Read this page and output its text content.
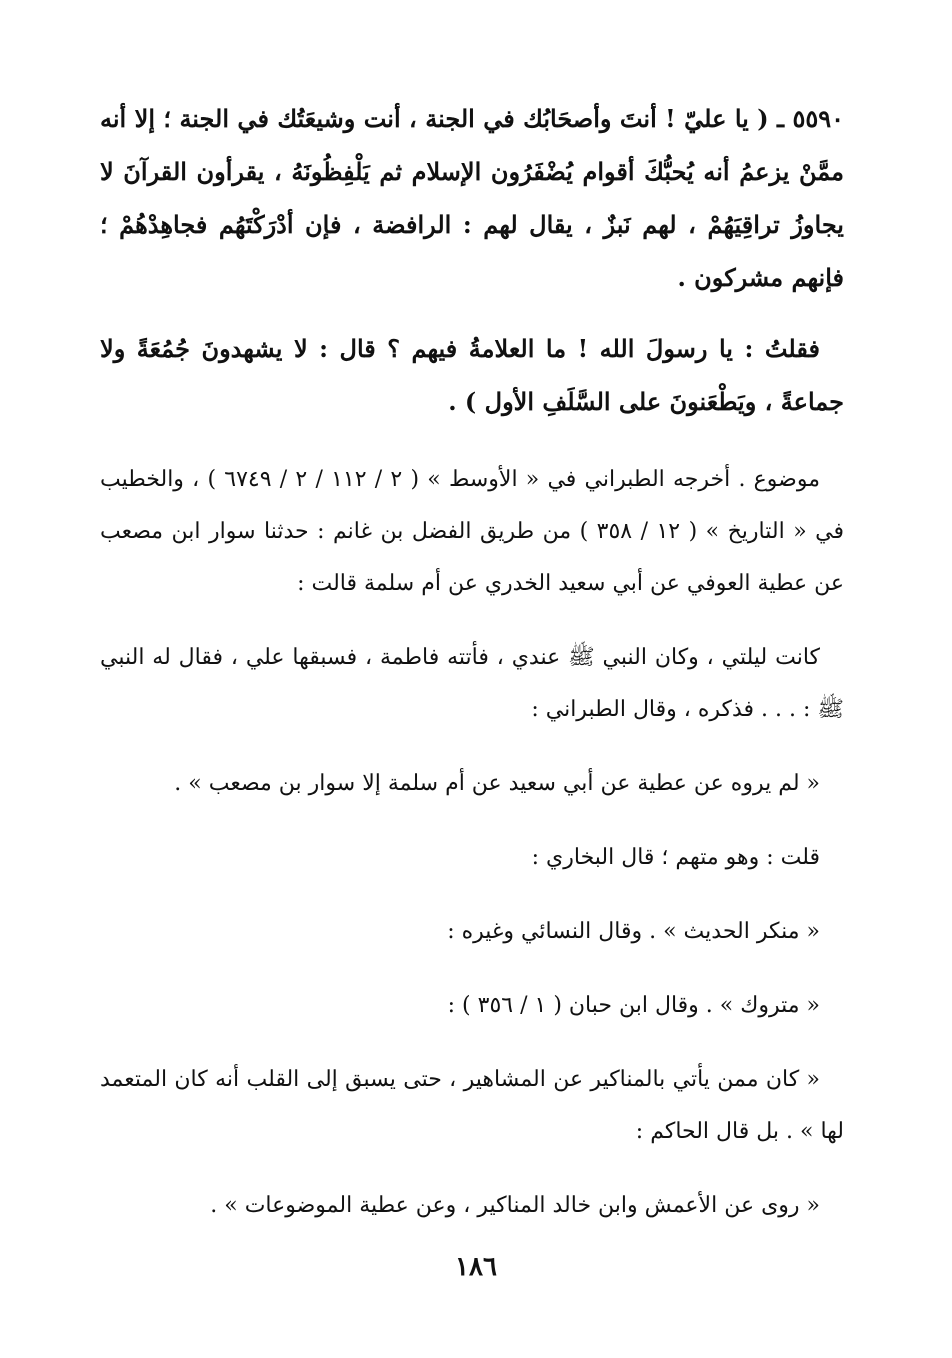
٥٥٩٠ ـ ( يا عليّ ! أنتَ وأصحَابُك في الجنة ، أنت وشيعَتُك في الجنة ؛ إلا أنه ممَّنْ يزعمُ أنه يُحبُّكَ أقوام يُضْفَرُون الإسلام ثم يَلْفِظُونَهُ ، يقرأون القرآنَ لا يجاوزُ تراقِيَهُمْ ، لهم نَبزٌ ، يقال لهم : الرافضة ، فإن أدْرَكْتَهُم فجاهِدْهُمْ ؛ فإنهم مشركون .

فقلتُ : يا رسولَ الله ! ما العلامةُ فيهم ؟ قال : لا يشهدونَ جُمُعَةً ولا جماعةً ، ويَطْعَنونَ على السَّلَفِ الأول ) .

موضوع . أخرجه الطبراني في « الأوسط » ( ٢ / ١١٢ / ٢ / ٦٧٤٩ ) ، والخطيب في « التاريخ » ( ١٢ / ٣٥٨ ) من طريق الفضل بن غانم : حدثنا سوار ابن مصعب عن عطية العوفي عن أبي سعيد الخدري عن أم سلمة قالت :

كانت ليلتي ، وكان النبي ﷺ عندي ، فأتته فاطمة ، فسبقها علي ، فقال له النبي ﷺ : . . . فذكره ، وقال الطبراني :

« لم يروه عن عطية عن أبي سعيد عن أم سلمة إلا سوار بن مصعب » .

قلت : وهو متهم ؛ قال البخاري :

« منكر الحديث » . وقال النسائي وغيره :

« متروك » . وقال ابن حبان ( ١ / ٣٥٦ ) :

« كان ممن يأتي بالمناكير عن المشاهير ، حتى يسبق إلى القلب أنه كان المتعمد لها » . بل قال الحاكم :

« روى عن الأعمش وابن خالد المناكير ، وعن عطية الموضوعات » .

١٨٦
